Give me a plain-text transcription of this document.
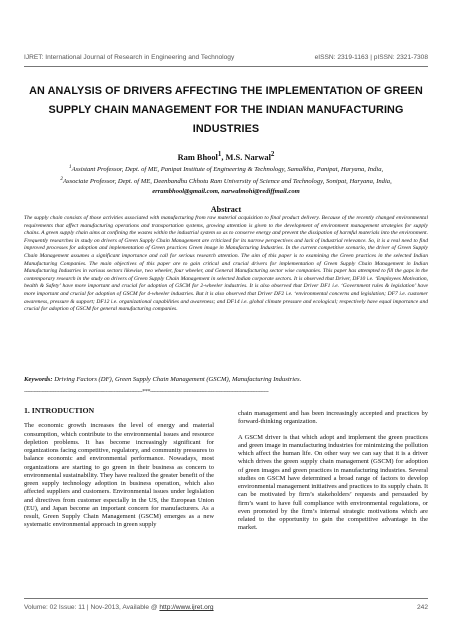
IJRET: International Journal of Research in Engineering and Technology	eISSN: 2319-1163 | pISSN: 2321-7308
AN ANALYSIS OF DRIVERS AFFECTING THE IMPLEMENTATION OF GREEN SUPPLY CHAIN MANAGEMENT FOR THE INDIAN MANUFACTURING INDUSTRIES
Ram Bhool$^1$, M.S. Narwal$^2$
$^1$Assistant Professor, Dept. of ME, Panipat Institute of Engineering & Technology, Samalkha, Panipat, Haryana, India,
$^2$Associate Professor, Dept. of ME, Deenbandhu Chhotu Ram University of Science and Technology, Sonipat, Haryana, India,
errambhool@gmail.com, narwalmohi@rediffmail.com
Abstract
The supply chain consists of those activities associated with manufacturing from raw material acquisition to final product delivery. Because of the recently changed environmental requirements that affect manufacturing operations and transportation systems, growing attention is given to the development of environment management strategies for supply chains. A green supply chain aims at confining the wastes within the industrial system so as to conserve energy and prevent the dissipation of harmful materials into the environment. Frequently researches in study on drivers of Green Supply Chain Management are criticized for its narrow perspectives and lack of industrial relevance. So, it is a real need to find improved processes for adoption and implementation of Green practices Green image in Manufacturing Industries. In the current competitive scenario, the driver of Green Supply Chain Management assumes a significant importance and call for serious research attention. The aim of this paper is to examining the Green practices in the selected Indian Manufacturing Companies. The main objectives of this paper are to gain critical and crucial drivers for implementation of Green Supply Chain Management in Indian Manufacturing Industries in various sectors likewise, two wheeler, four wheeler, and General Manufacturing sector wise companies. This paper has attempted to fill the gaps in the contemporary research in the study on drivers of Green Supply Chain Management in selected Indian corporate sectors. It is observed that Driver, DF10 i.e. ‘Employees Motivation, health & Safety’ have more important and crucial for adoption of GSCM for 2-wheeler industries. It is also observed that Driver DF1 i.e. ‘Government rules & legislation’ have more important and crucial for adoption of GSCM for 4-wheeler industries. But it is also observed that Driver DF2 i.e. ‘environmental concerns and legislation; DF7 i.e. customer awareness, pressure & support; DF12 i.e. organizational capabilities and awareness; and DF14 i.e. global climate pressure and ecological; respectively have equal importance and crucial for adoption of GSCM for general manufacturing companies.
Keywords: Driving Factors (DF), Green Supply Chain Management (GSCM), Manufacturing Industries.
--------------------------------------------------------------------------***--------------------------------------------------------------------------
1. INTRODUCTION

The economic growth increases the level of energy and material consumption, which contribute to the environmental issues and resource depletion problems. It has become increasingly significant for organizations facing competitive, regulatory, and community pressures to balance economic and environmental performance. Nowadays, most organizations are starting to go green in their business as concern to environmental sustainability. They have realized the greater benefit of the green supply technology adoption in business operation, which also affected suppliers and customers. Environmental issues under legislation and directives from customer especially in the US, the European Union (EU), and Japan become an important concern for manufacturers. As a result, Green Supply Chain Management (GSCM) emerges as a new systematic environmental approach in green supply

chain management and has been increasingly accepted and practices by forward-thinking organization.

A GSCM driver is that which adopt and implement the green practices and green image in manufacturing industries for minimizing the pollution which affect the human life. On other way we can say that it is a driver which drives the green supply chain management (GSCM) for adoption of green images and green practices in manufacturing industries. Several studies on GSCM have determined a broad range of factors to develop environmental management initiatives and practices to its supply chain. It can be motivated by firm’s stakeholders’ requests and persuaded by firm’s want to have full compliance with environmental regulations, or even promoted by the firm’s internal strategic motivations which are related to the opportunity to gain the competitive advantage in the market.

Volume: 02 Issue: 11 | Nov-2013, Available @ http://www.ijret.org	242
